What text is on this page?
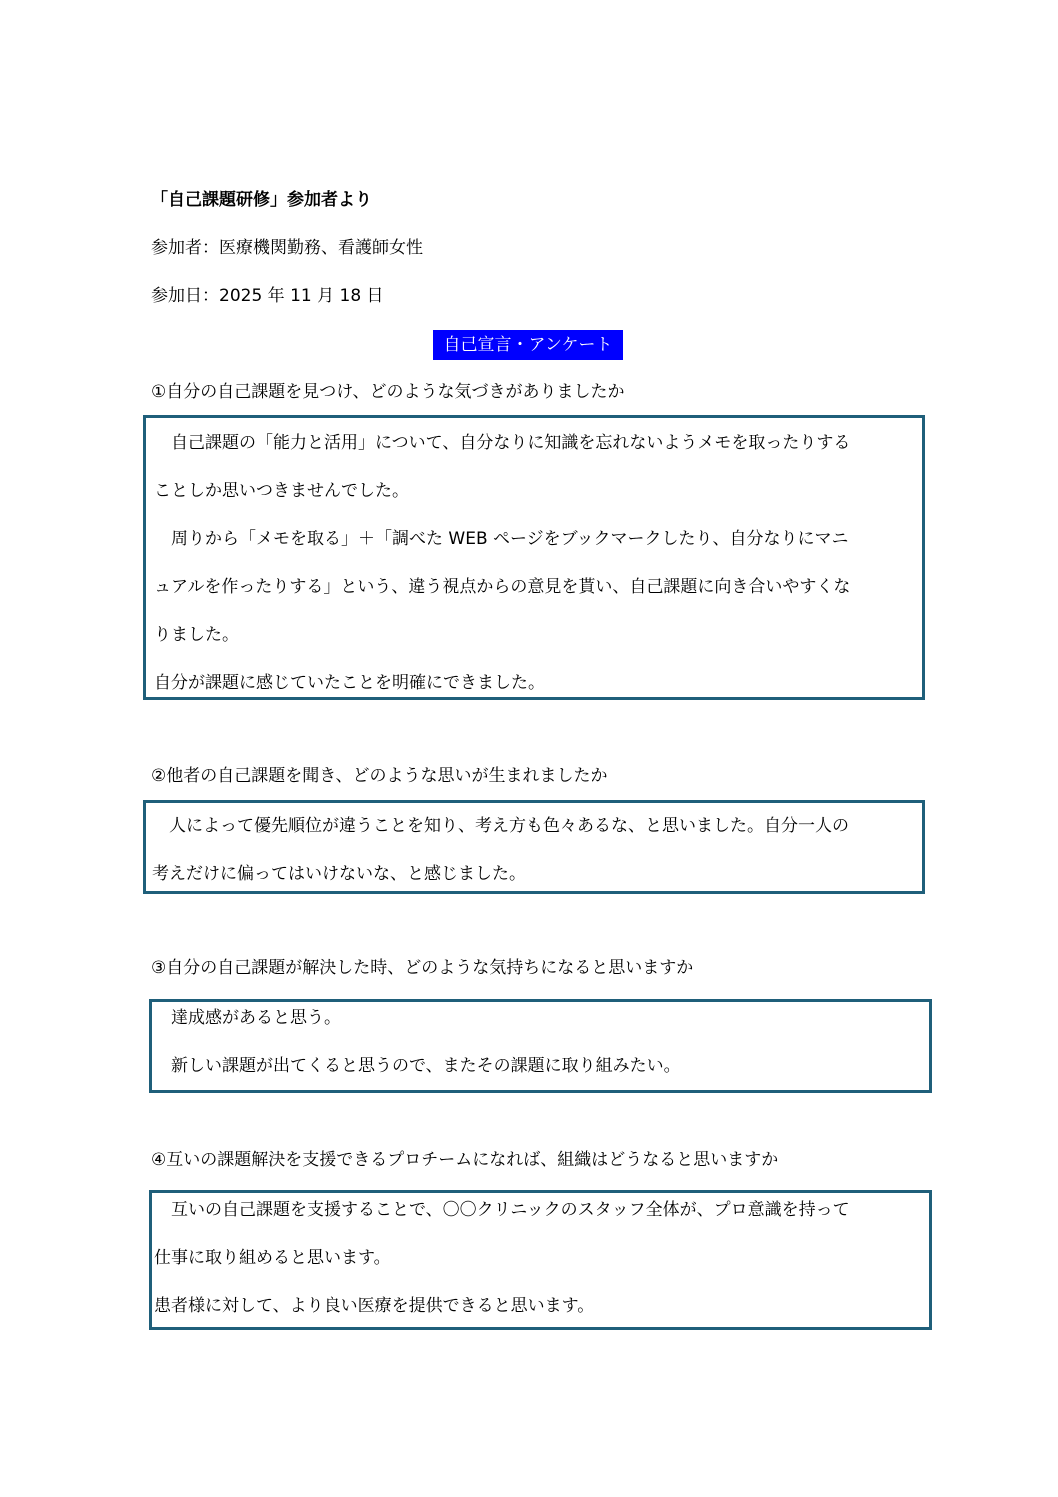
「自己課題研修」参加者より
参加者：医療機関勤務、看護師女性
参加日：2025 年 11 月 18 日
自己宣言・アンケート
①自分の自己課題を見つけ、どのような気づきがありましたか

　自己課題の「能力と活用」について、自分なりに知識を忘れないようメモを取ったりする

ことしか思いつきませんでした。

　周りから「メモを取る」＋「調べた WEB ページをブックマークしたり、自分なりにマニ

ュアルを作ったりする」という、違う視点からの意見を貰い、自己課題に向き合いやすくな

りました。

自分が課題に感じていたことを明確にできました。

②他者の自己課題を聞き、どのような思いが生まれましたか

　人によって優先順位が違うことを知り、考え方も色々あるな、と思いました。自分一人の

考えだけに偏ってはいけないな、と感じました。

③自分の自己課題が解決した時、どのような気持ちになると思いますか

　達成感があると思う。

　新しい課題が出てくると思うので、またその課題に取り組みたい。

④互いの課題解決を支援できるプロチームになれば、組織はどうなると思いますか

　互いの自己課題を支援することで、〇〇クリニックのスタッフ全体が、プロ意識を持って

仕事に取り組めると思います。

患者様に対して、より良い医療を提供できると思います。
